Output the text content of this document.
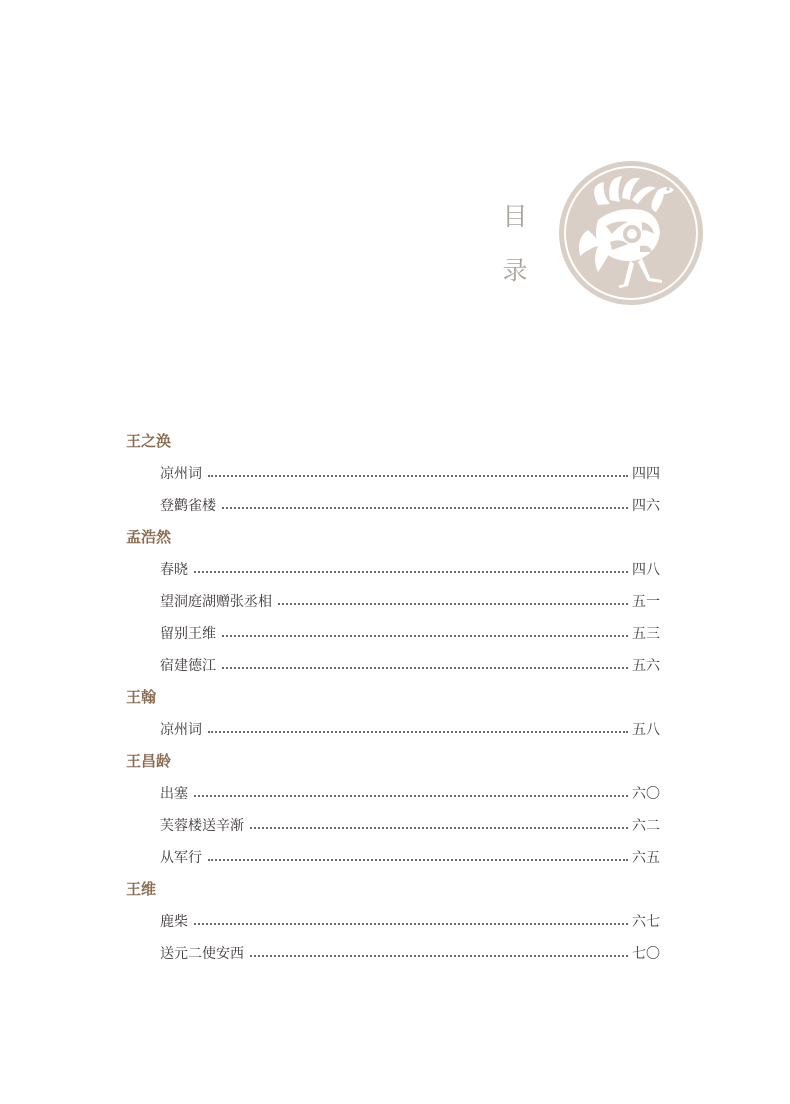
目
录
王之涣
凉州词	四四
登鹳雀楼	四六
孟浩然
春晓	四八
望洞庭湖赠张丞相	五一
留别王维	五三
宿建德江	五六
王翰
凉州词	五八
王昌龄
出塞	六〇
芙蓉楼送辛渐	六二
从军行	六五
王维
鹿柴	六七
送元二使安西	七〇
